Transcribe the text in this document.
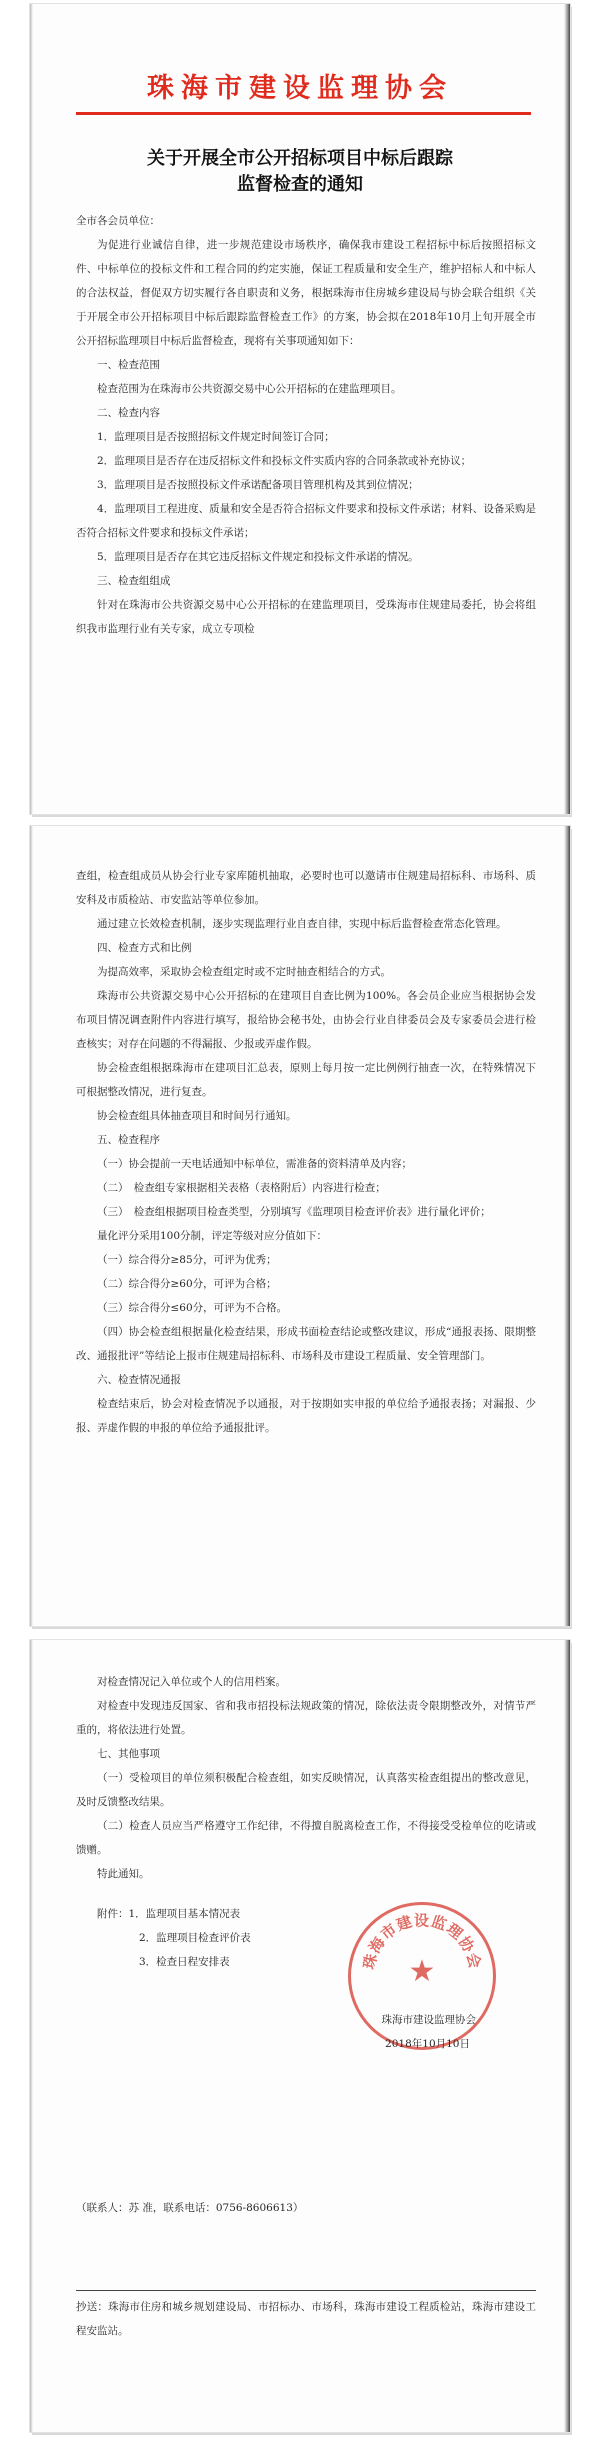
珠海市建设监理协会
关于开展全市公开招标项目中标后跟踪
监督检查的通知

全市各会员单位：

为促进行业诚信自律，进一步规范建设市场秩序，确保我市建设工程招标中标后按照招标文件、中标单位的投标文件和工程合同的约定实施，保证工程质量和安全生产，维护招标人和中标人的合法权益，督促双方切实履行各自职责和义务，根据珠海市住房城乡建设局与协会联合组织《关于开展全市公开招标项目中标后跟踪监督检查工作》的方案，协会拟在2018年10月上旬开展全市公开招标监理项目中标后监督检查，现将有关事项通知如下：

一、检查范围

检查范围为在珠海市公共资源交易中心公开招标的在建监理项目。

二、检查内容

1．监理项目是否按照招标文件规定时间签订合同；

2．监理项目是否存在违反招标文件和投标文件实质内容的合同条款或补充协议；

3．监理项目是否按照投标文件承诺配备项目管理机构及其到位情况；

4．监理项目工程进度、质量和安全是否符合招标文件要求和投标文件承诺；材料、设备采购是否符合招标文件要求和投标文件承诺；

5．监理项目是否存在其它违反招标文件规定和投标文件承诺的情况。

三、检查组组成

针对在珠海市公共资源交易中心公开招标的在建监理项目，受珠海市住规建局委托，协会将组织我市监理行业有关专家，成立专项检

查组，检查组成员从协会行业专家库随机抽取，必要时也可以邀请市住规建局招标科、市场科、质安科及市质检站、市安监站等单位参加。

通过建立长效检查机制，逐步实现监理行业自查自律，实现中标后监督检查常态化管理。

四、检查方式和比例

为提高效率，采取协会检查组定时或不定时抽查相结合的方式。

珠海市公共资源交易中心公开招标的在建项目自查比例为100%。各会员企业应当根据协会发布项目情况调查附件内容进行填写，报给协会秘书处，由协会行业自律委员会及专家委员会进行检查核实；对存在问题的不得漏报、少报或弄虚作假。

协会检查组根据珠海市在建项目汇总表，原则上每月按一定比例例行抽查一次，在特殊情况下可根据整改情况，进行复查。

协会检查组具体抽查项目和时间另行通知。

五、检查程序

（一）协会提前一天电话通知中标单位，需准备的资料清单及内容；

（二）　检查组专家根据相关表格（表格附后）内容进行检查；

（三）　检查组根据项目检查类型，分别填写《监理项目检查评价表》进行量化评价；

量化评分采用100分制，评定等级对应分值如下：

（一）综合得分≥85分，可评为优秀；

（二）综合得分≥60分，可评为合格；

（三）综合得分≤60分，可评为不合格。

（四）协会检查组根据量化检查结果，形成书面检查结论或整改建议，形成“通报表扬、限期整改、通报批评”等结论上报市住规建局招标科、市场科及市建设工程质量、安全管理部门。

六、检查情况通报

检查结束后，协会对检查情况予以通报，对于按期如实申报的单位给予通报表扬；对漏报、少报、弄虚作假的申报的单位给予通报批评。

珠海市建设监理协会
★

对检查情况记入单位或个人的信用档案。

对检查中发现违反国家、省和我市招投标法规政策的情况，除依法责令限期整改外，对情节严重的，将依法进行处置。

七、其他事项

（一）受检项目的单位须积极配合检查组，如实反映情况，认真落实检查组提出的整改意见，及时反馈整改结果。

（二）检查人员应当严格遵守工作纪律，不得擅自脱离检查工作，不得接受受检单位的吃请或馈赠。

特此通知。

附件：1．监理项目基本情况表

2．监理项目检查评价表

3．检查日程安排表

珠海市建设监理协会

2018年10月10日

（联系人：苏 准，联系电话：0756-8606613）

抄送：珠海市住房和城乡规划建设局、市招标办、市场科，珠海市建设工程质检站，珠海市建设工程安监站。
